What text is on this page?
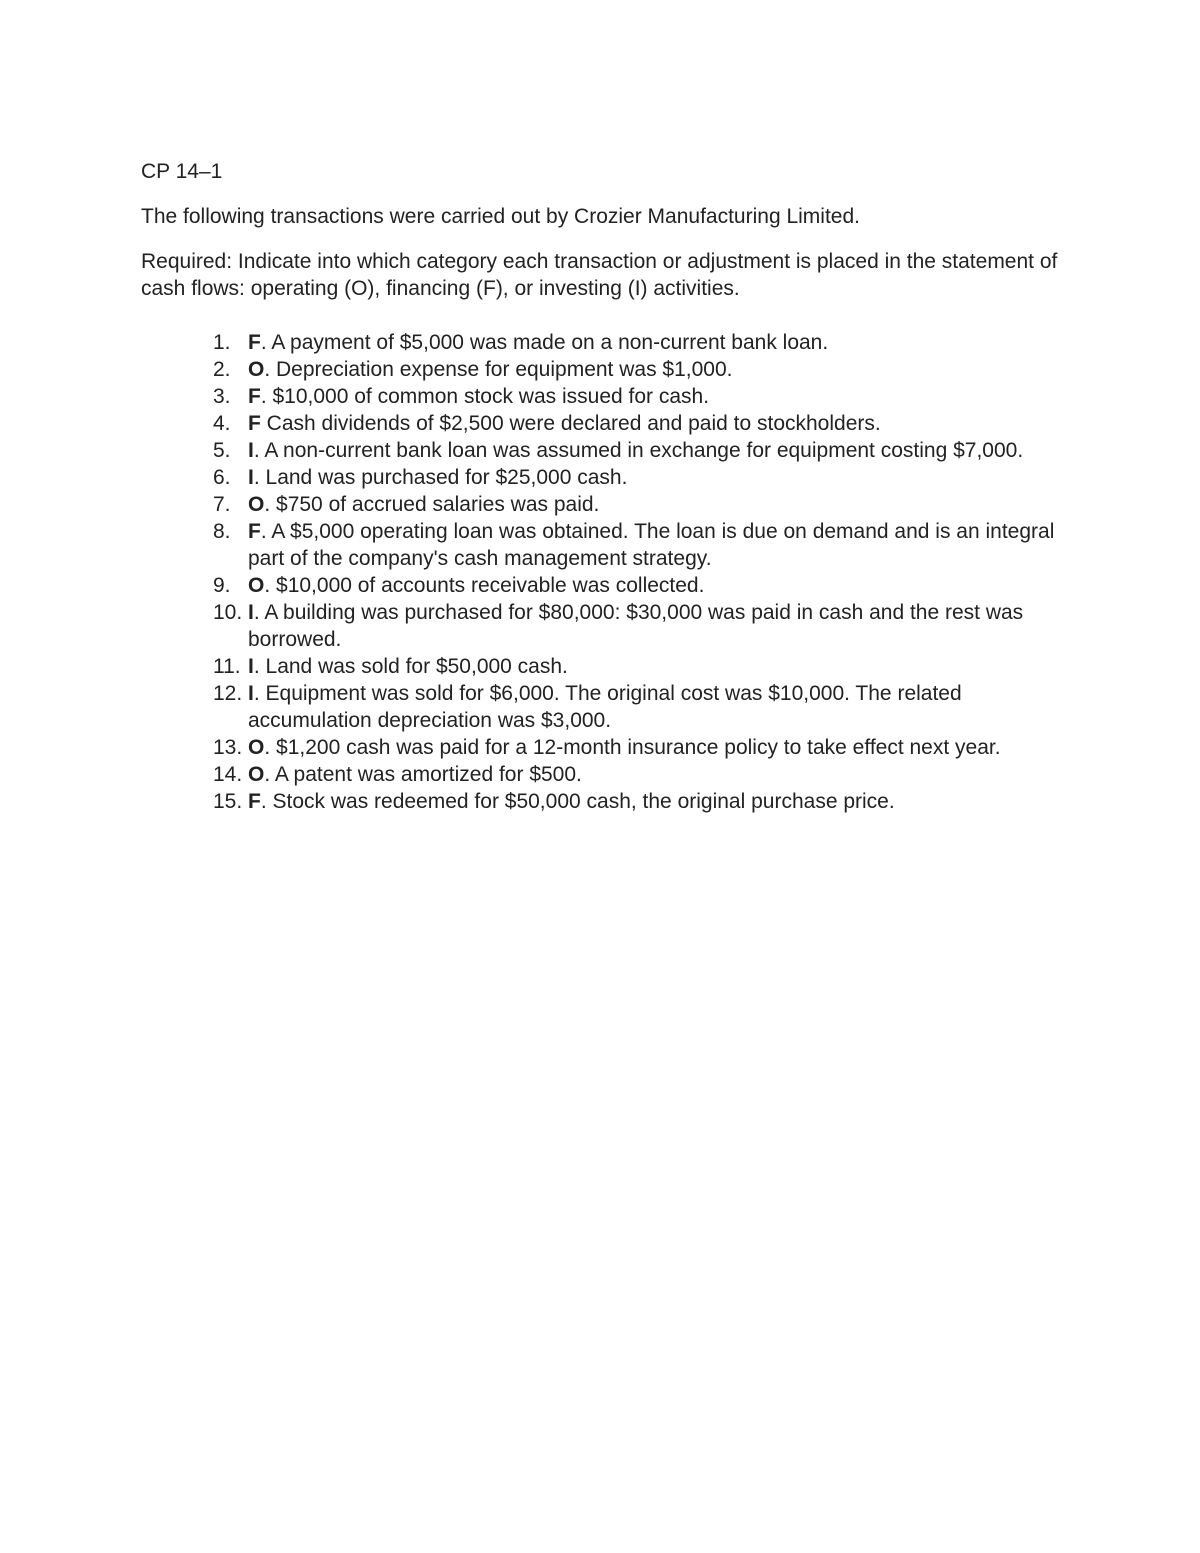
CP 14–1

The following transactions were carried out by Crozier Manufacturing Limited.

Required: Indicate into which category each transaction or adjustment is placed in the statement of cash flows: operating (O), financing (F), or investing (I) activities.

1. F. A payment of $5,000 was made on a non-current bank loan.
2. O. Depreciation expense for equipment was $1,000.
3. F. $10,000 of common stock was issued for cash.
4. F Cash dividends of $2,500 were declared and paid to stockholders.
5. I. A non-current bank loan was assumed in exchange for equipment costing $7,000.
6. I. Land was purchased for $25,000 cash.
7. O. $750 of accrued salaries was paid.
8. F. A $5,000 operating loan was obtained. The loan is due on demand and is an integral part of the company's cash management strategy.
9. O. $10,000 of accounts receivable was collected.
10. I. A building was purchased for $80,000: $30,000 was paid in cash and the rest was borrowed.
11. I. Land was sold for $50,000 cash.
12. I. Equipment was sold for $6,000. The original cost was $10,000. The related accumulation depreciation was $3,000.
13. O. $1,200 cash was paid for a 12-month insurance policy to take effect next year.
14. O. A patent was amortized for $500.
15. F. Stock was redeemed for $50,000 cash, the original purchase price.
